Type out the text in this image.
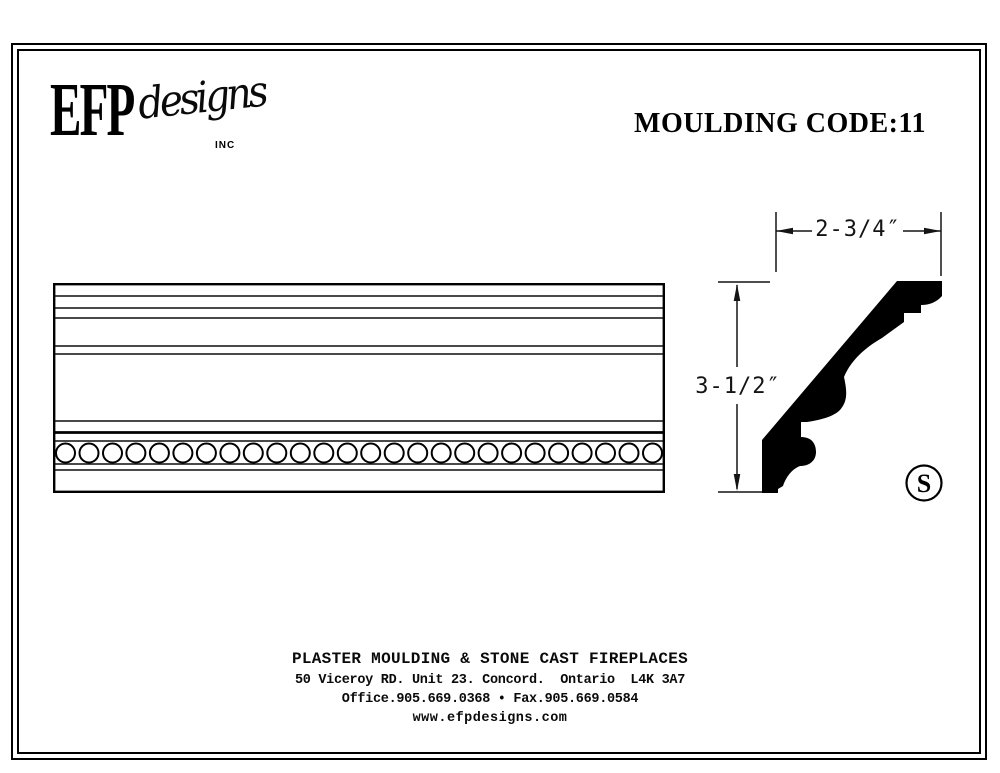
EFP designs
INC
MOULDING CODE:11
S
2-3/4″
3-1/2″
PLASTER MOULDING & STONE CAST FIREPLACES
50 Viceroy RD. Unit 23. Concord.  Ontario  L4K 3A7
Office.905.669.0368 • Fax.905.669.0584
www.efpdesigns.com
